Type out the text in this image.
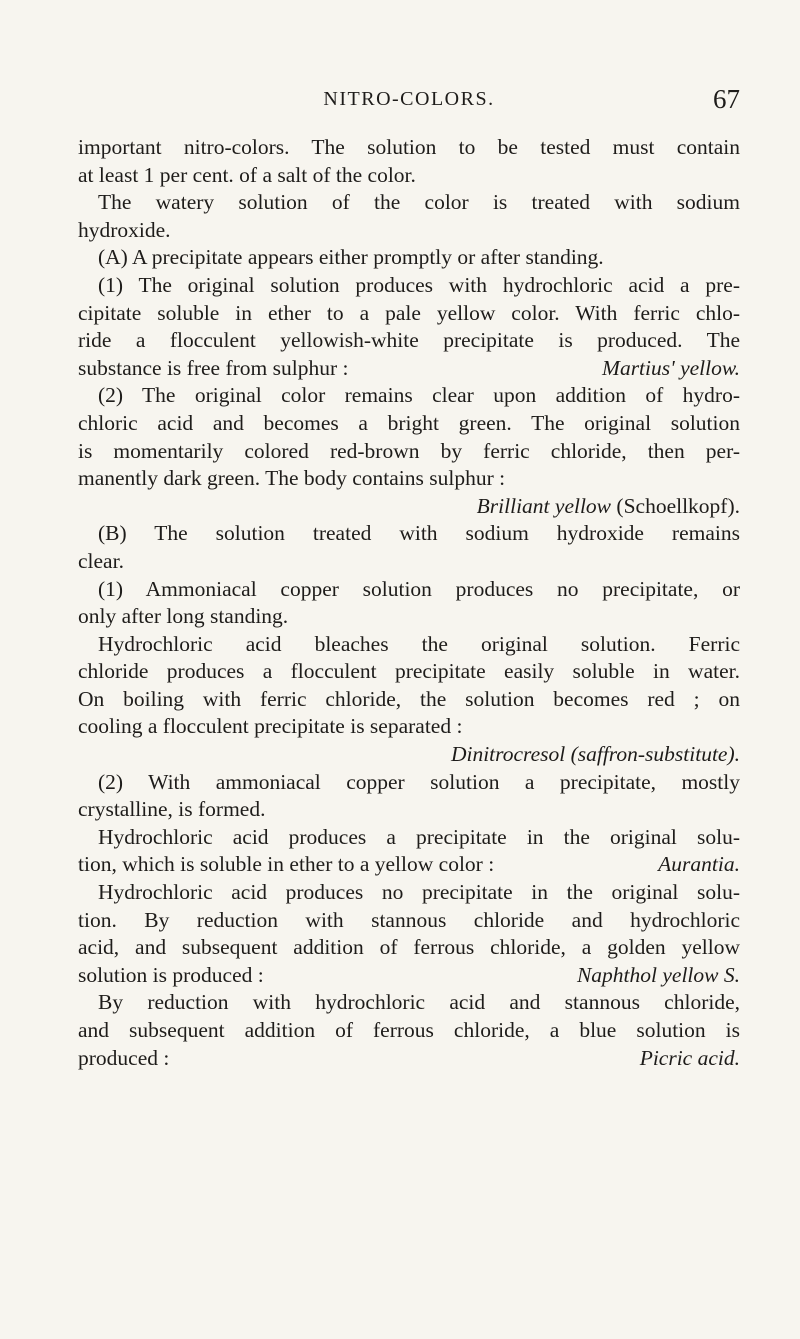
NITRO-COLORS.	67
important nitro-colors. The solution to be tested must contain
at least 1 per cent. of a salt of the color.
The watery solution of the color is treated with sodium
hydroxide.
(A) A precipitate appears either promptly or after standing.
(1) The original solution produces with hydrochloric acid a pre-
cipitate soluble in ether to a pale yellow color. With ferric chlo-
ride a flocculent yellowish-white precipitate is produced. The
substance is free from sulphur :	Martius' yellow.
(2) The original color remains clear upon addition of hydro-
chloric acid and becomes a bright green. The original solution
is momentarily colored red-brown by ferric chloride, then per-
manently dark green. The body contains sulphur :
Brilliant yellow (Schoellkopf).
(B) The solution treated with sodium hydroxide remains
clear.
(1) Ammoniacal copper solution produces no precipitate, or
only after long standing.
Hydrochloric acid bleaches the original solution. Ferric
chloride produces a flocculent precipitate easily soluble in water.
On boiling with ferric chloride, the solution becomes red ; on
cooling a flocculent precipitate is separated :
Dinitrocresol (saffron-substitute).
(2) With ammoniacal copper solution a precipitate, mostly
crystalline, is formed.
Hydrochloric acid produces a precipitate in the original solu-
tion, which is soluble in ether to a yellow color :	Aurantia.
Hydrochloric acid produces no precipitate in the original solu-
tion. By reduction with stannous chloride and hydrochloric
acid, and subsequent addition of ferrous chloride, a golden yellow
solution is produced :	Naphthol yellow S.
By reduction with hydrochloric acid and stannous chloride,
and subsequent addition of ferrous chloride, a blue solution is
produced :	Picric acid.
